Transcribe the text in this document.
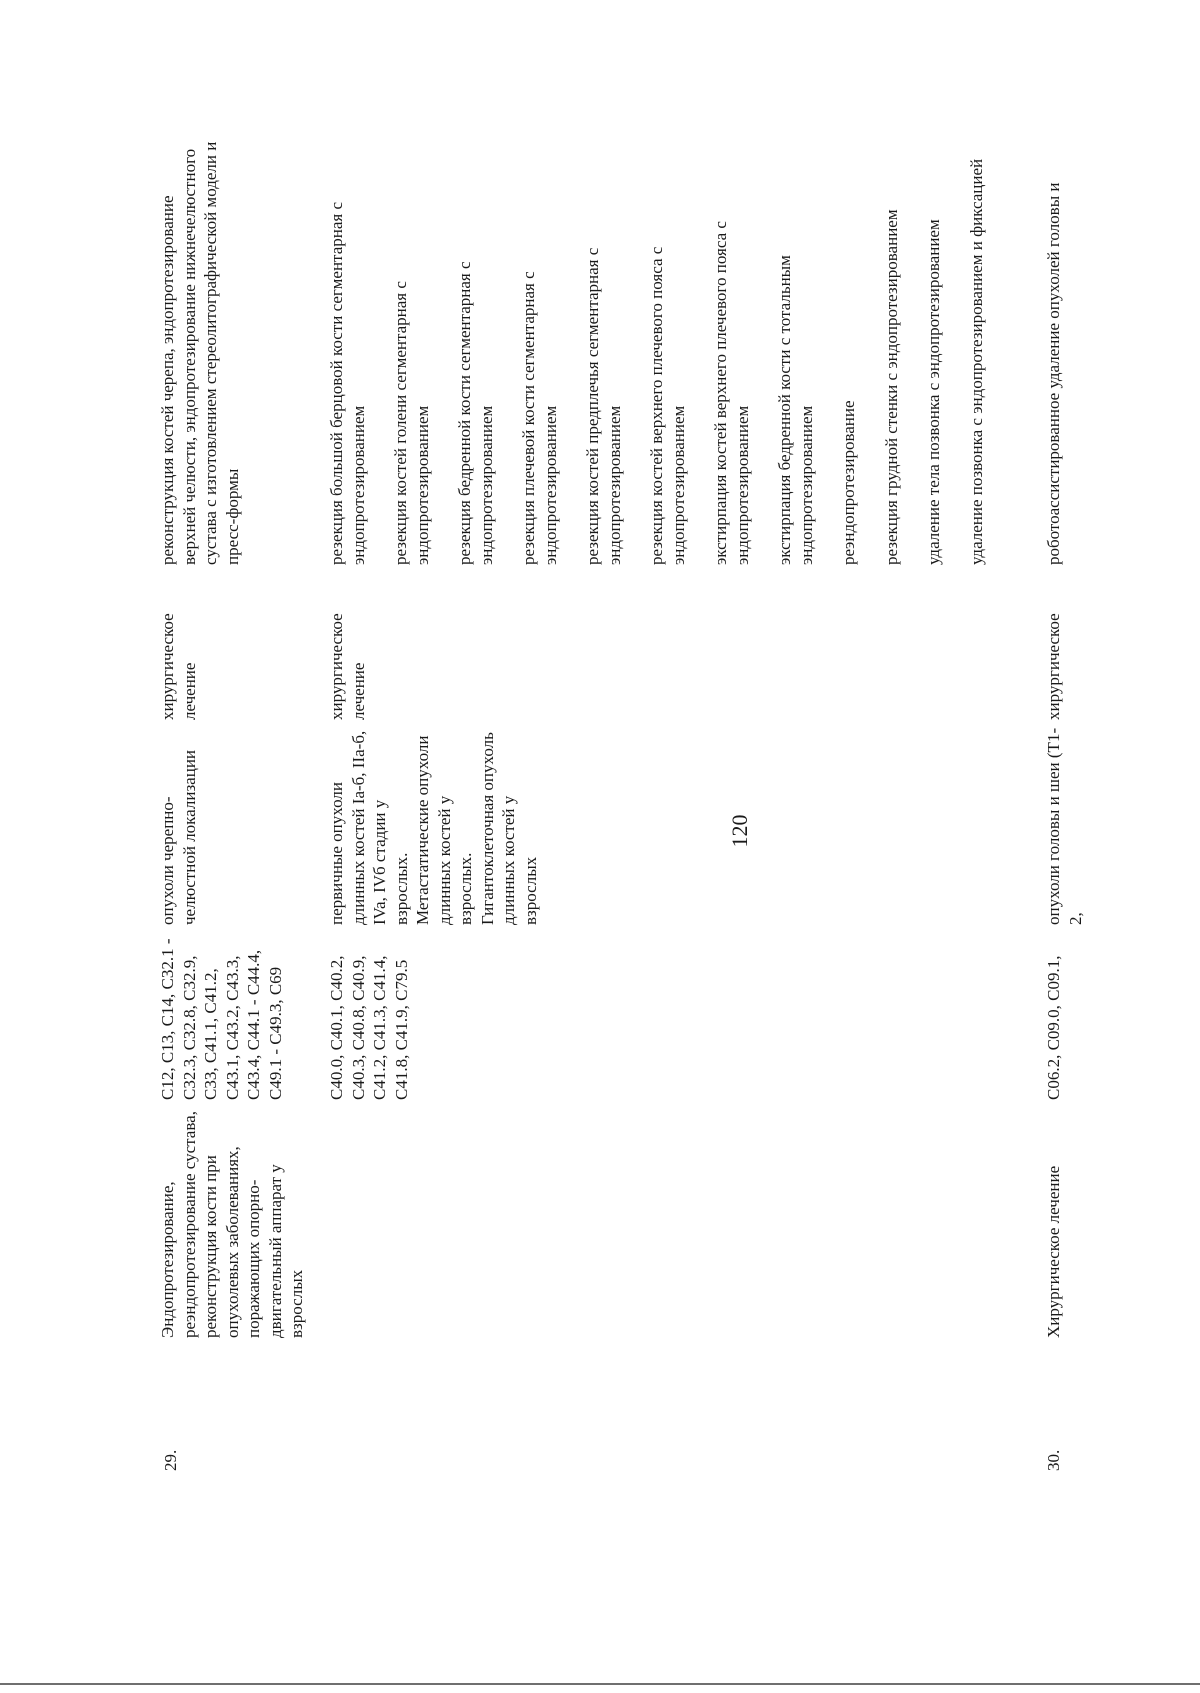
120
29.
Эндопротезирование, реэндопротезирование сустава, реконструкция кости при опухолевых заболеваниях, поражающих опорно-двигательный аппарат у взрослых
C12, C13, C14, C32.1 - C32.3, C32.8, C32.9, C33, C41.1, C41.2, C43.1, C43.2, C43.3, C43.4, C44.1 - C44.4, C49.1 - C49.3, C69
опухоли черепно-челюстной локализации
хирургическое лечение
реконструкция костей черепа, эндопротезирование верхней челюсти, эндопротезирование нижнечелюстного сустава с изготовлением стереолитографической модели и пресс-формы
C40.0, C40.1, C40.2, C40.3, C40.8, C40.9, C41.2, C41.3, C41.4, C41.8, C41.9, C79.5
первичные опухоли длинных костей Ia-б, IIa-б, IVa, IVб стадии у взрослых. Метастатические опухоли длинных костей у взрослых. Гигантоклеточная опухоль длинных костей у взрослых
хирургическое лечение

резекция большой берцовой кости сегментарная с эндопротезированием резекция костей голени сегментарная с эндопротезированием резекция бедренной кости сегментарная с эндопротезированием резекция плечевой кости сегментарная с эндопротезированием резекция костей предплечья сегментарная с эндопротезированием резекция костей верхнего плечевого пояса с эндопротезированием экстирпация костей верхнего плечевого пояса с эндопротезированием экстирпация бедренной кости с тотальным эндопротезированием реэндопротезирование резекция грудной стенки с эндопротезированием удаление тела позвонка с эндопротезированием удаление позвонка с эндопротезированием и фиксацией

30.
Хирургическое лечение
C06.2, C09.0, C09.1,
опухоли головы и шеи (T1-2,
хирургическое
роботоассистированное удаление опухолей головы и
